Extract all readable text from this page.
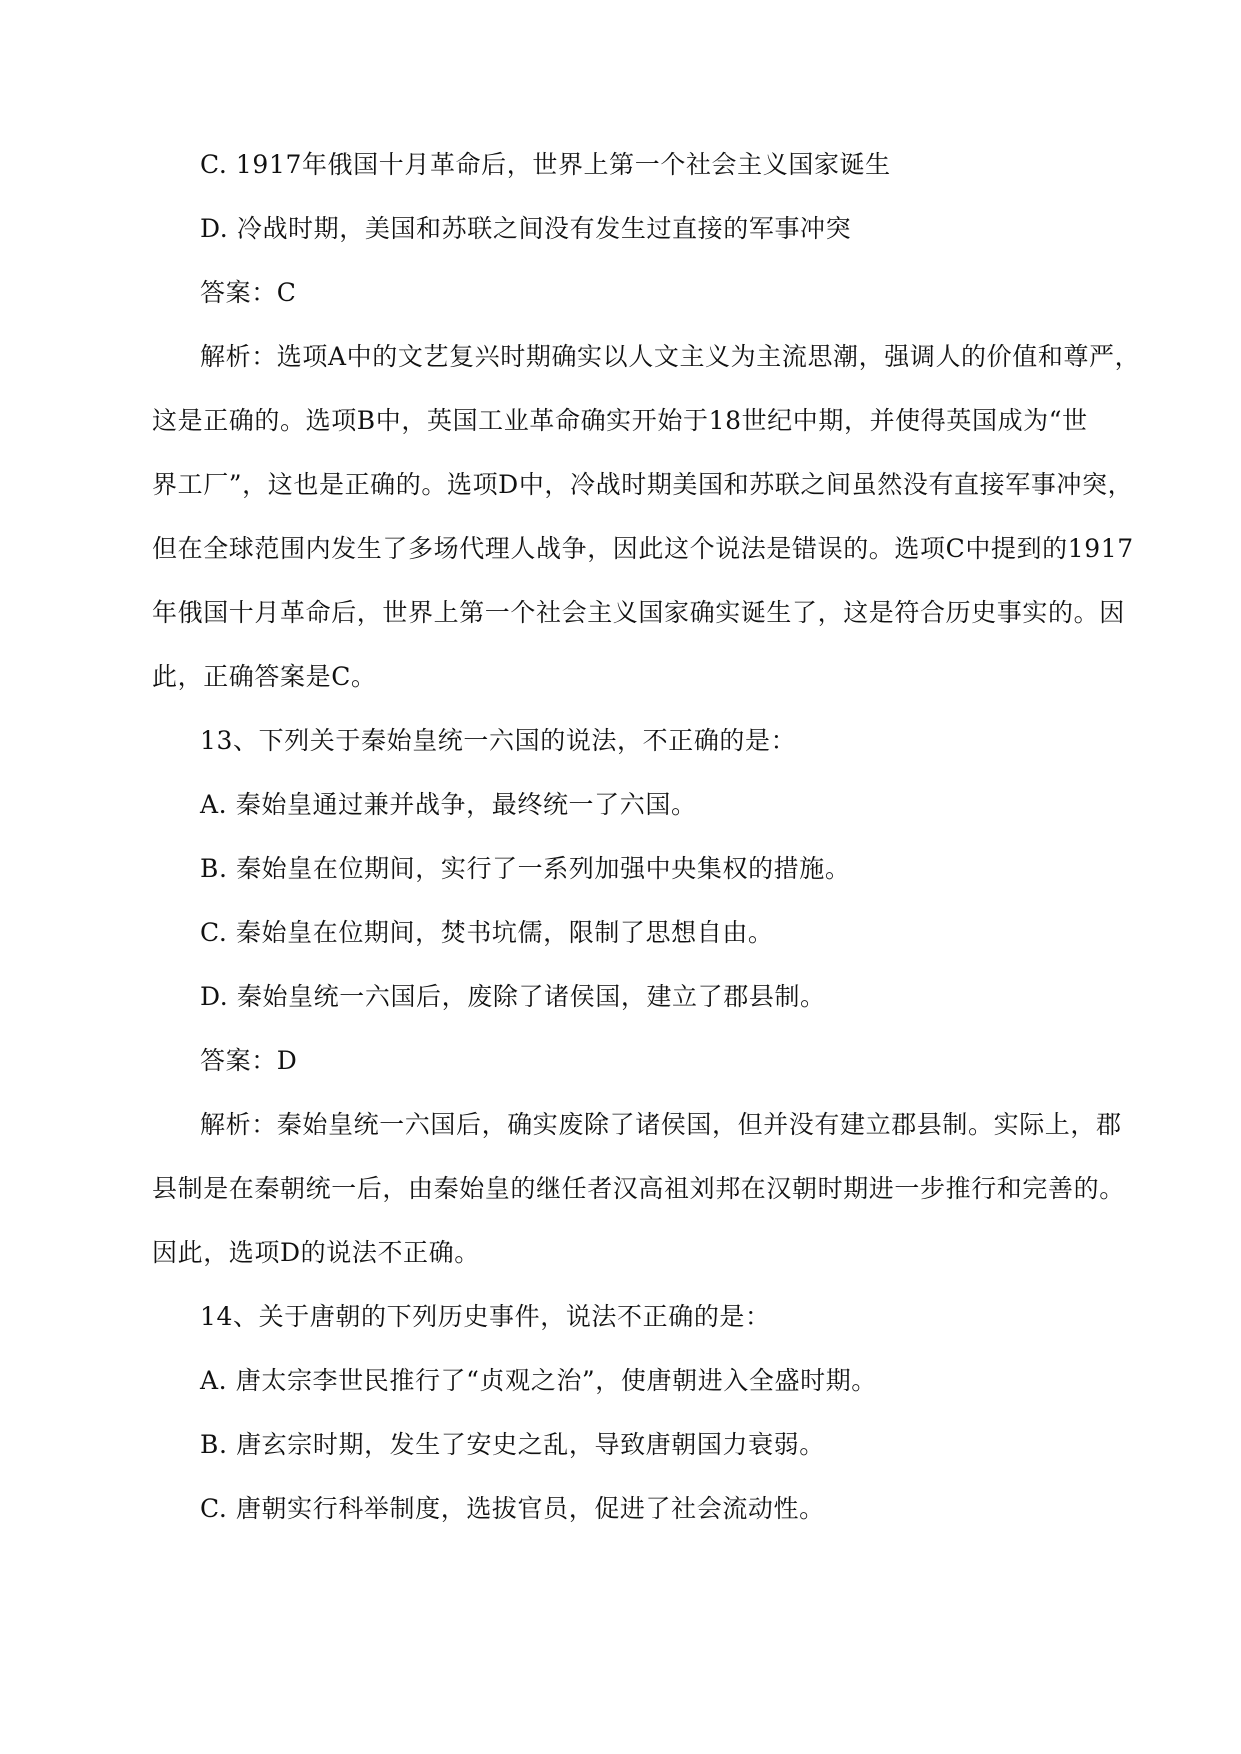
C. 1917年俄国十月革命后，世界上第一个社会主义国家诞生

D. 冷战时期，美国和苏联之间没有发生过直接的军事冲突

答案：C

解析：选项A中的文艺复兴时期确实以人文主义为主流思潮，强调人的价值和尊严，

这是正确的。选项B中，英国工业革命确实开始于18世纪中期，并使得英国成为“世

界工厂”，这也是正确的。选项D中，冷战时期美国和苏联之间虽然没有直接军事冲突，

但在全球范围内发生了多场代理人战争，因此这个说法是错误的。选项C中提到的1917

年俄国十月革命后，世界上第一个社会主义国家确实诞生了，这是符合历史事实的。因

此，正确答案是C。

13、下列关于秦始皇统一六国的说法，不正确的是：

A. 秦始皇通过兼并战争，最终统一了六国。

B. 秦始皇在位期间，实行了一系列加强中央集权的措施。

C. 秦始皇在位期间，焚书坑儒，限制了思想自由。

D. 秦始皇统一六国后，废除了诸侯国，建立了郡县制。

答案：D

解析：秦始皇统一六国后，确实废除了诸侯国，但并没有建立郡县制。实际上，郡

县制是在秦朝统一后，由秦始皇的继任者汉高祖刘邦在汉朝时期进一步推行和完善的。

因此，选项D的说法不正确。

14、关于唐朝的下列历史事件，说法不正确的是：

A. 唐太宗李世民推行了“贞观之治”，使唐朝进入全盛时期。

B. 唐玄宗时期，发生了安史之乱，导致唐朝国力衰弱。

C. 唐朝实行科举制度，选拔官员，促进了社会流动性。
